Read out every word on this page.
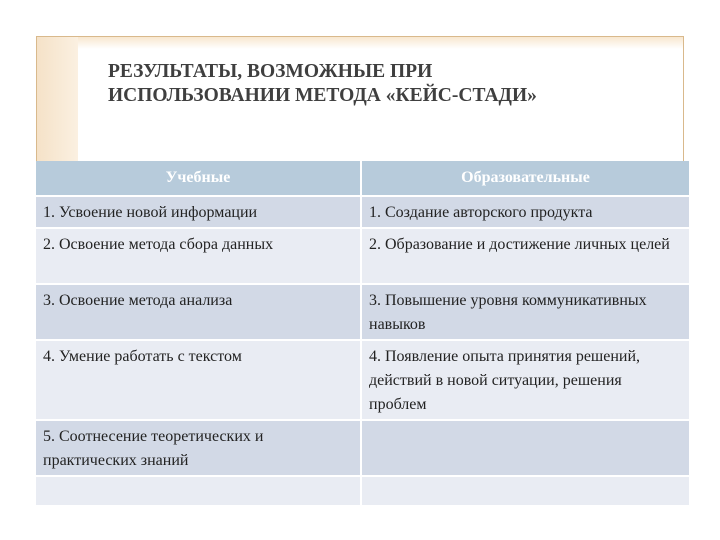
РЕЗУЛЬТАТЫ, ВОЗМОЖНЫЕ ПРИ
ИСПОЛЬЗОВАНИИ МЕТОДА «КЕЙС-СТАДИ»
Учебные	Образовательные
1. Усвоение новой информации	1. Создание авторского продукта
2. Освоение метода сбора данных	2. Образование и достижение личных целей
3. Освоение метода анализа	3. Повышение уровня коммуникативных навыков
4. Умение работать с текстом	4. Появление опыта принятия решений, действий в новой ситуации, решения проблем
5. Соотнесение теоретических и практических знаний	
